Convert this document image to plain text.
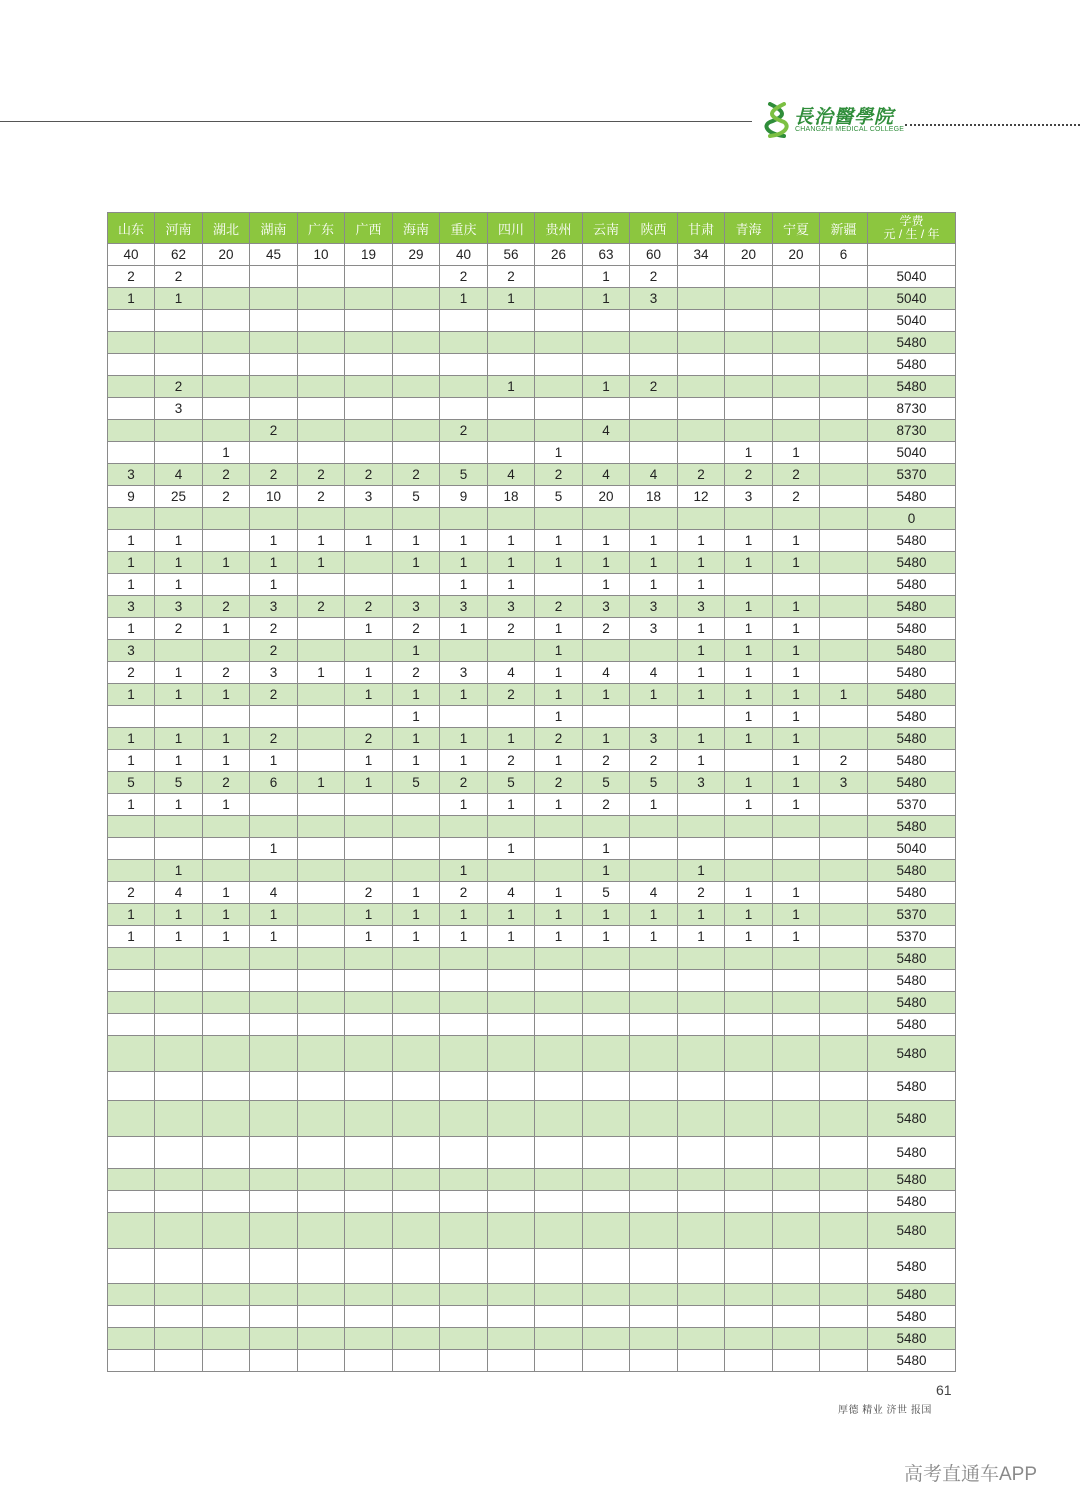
長治醫學院
CHANGZHI MEDICAL COLLEGE
山东	河南	湖北	湖南	广东	广西	海南	重庆	四川	贵州	云南	陕西	甘肃	青海	宁夏	新疆	学费
元 / 生 / 年

40	62	20	45	10	19	29	40	56	26	63	60	34	20	20	6	
2	2						2	2		1	2					5040
1	1						1	1		1	3					5040
																5040
																5480
																5480
	2							1		1	2					5480
	3															8730
			2				2			4						8730
		1							1				1	1		5040
3	4	2	2	2	2	2	5	4	2	4	4	2	2	2		5370
9	25	2	10	2	3	5	9	18	5	20	18	12	3	2		5480
																0
1	1		1	1	1	1	1	1	1	1	1	1	1	1		5480
1	1	1	1	1		1	1	1	1	1	1	1	1	1		5480
1	1		1				1	1		1	1	1				5480
3	3	2	3	2	2	3	3	3	2	3	3	3	1	1		5480
1	2	1	2		1	2	1	2	1	2	3	1	1	1		5480
3			2			1			1			1	1	1		5480
2	1	2	3	1	1	2	3	4	1	4	4	1	1	1		5480
1	1	1	2		1	1	1	2	1	1	1	1	1	1	1	5480
						1			1				1	1		5480
1	1	1	2		2	1	1	1	2	1	3	1	1	1		5480
1	1	1	1		1	1	1	2	1	2	2	1		1	2	5480
5	5	2	6	1	1	5	2	5	2	5	5	3	1	1	3	5480
1	1	1					1	1	1	2	1		1	1		5370
																5480
			1					1		1						5040
	1						1			1		1				5480
2	4	1	4		2	1	2	4	1	5	4	2	1	1		5480
1	1	1	1		1	1	1	1	1	1	1	1	1	1		5370
1	1	1	1		1	1	1	1	1	1	1	1	1	1		5370
																5480
																5480
																5480
																5480
																5480
																5480
																5480
																5480
																5480
																5480
																5480
																5480
																5480
																5480
																5480
																5480
61
厚德 精业 济世 报国
高考直通车APP
